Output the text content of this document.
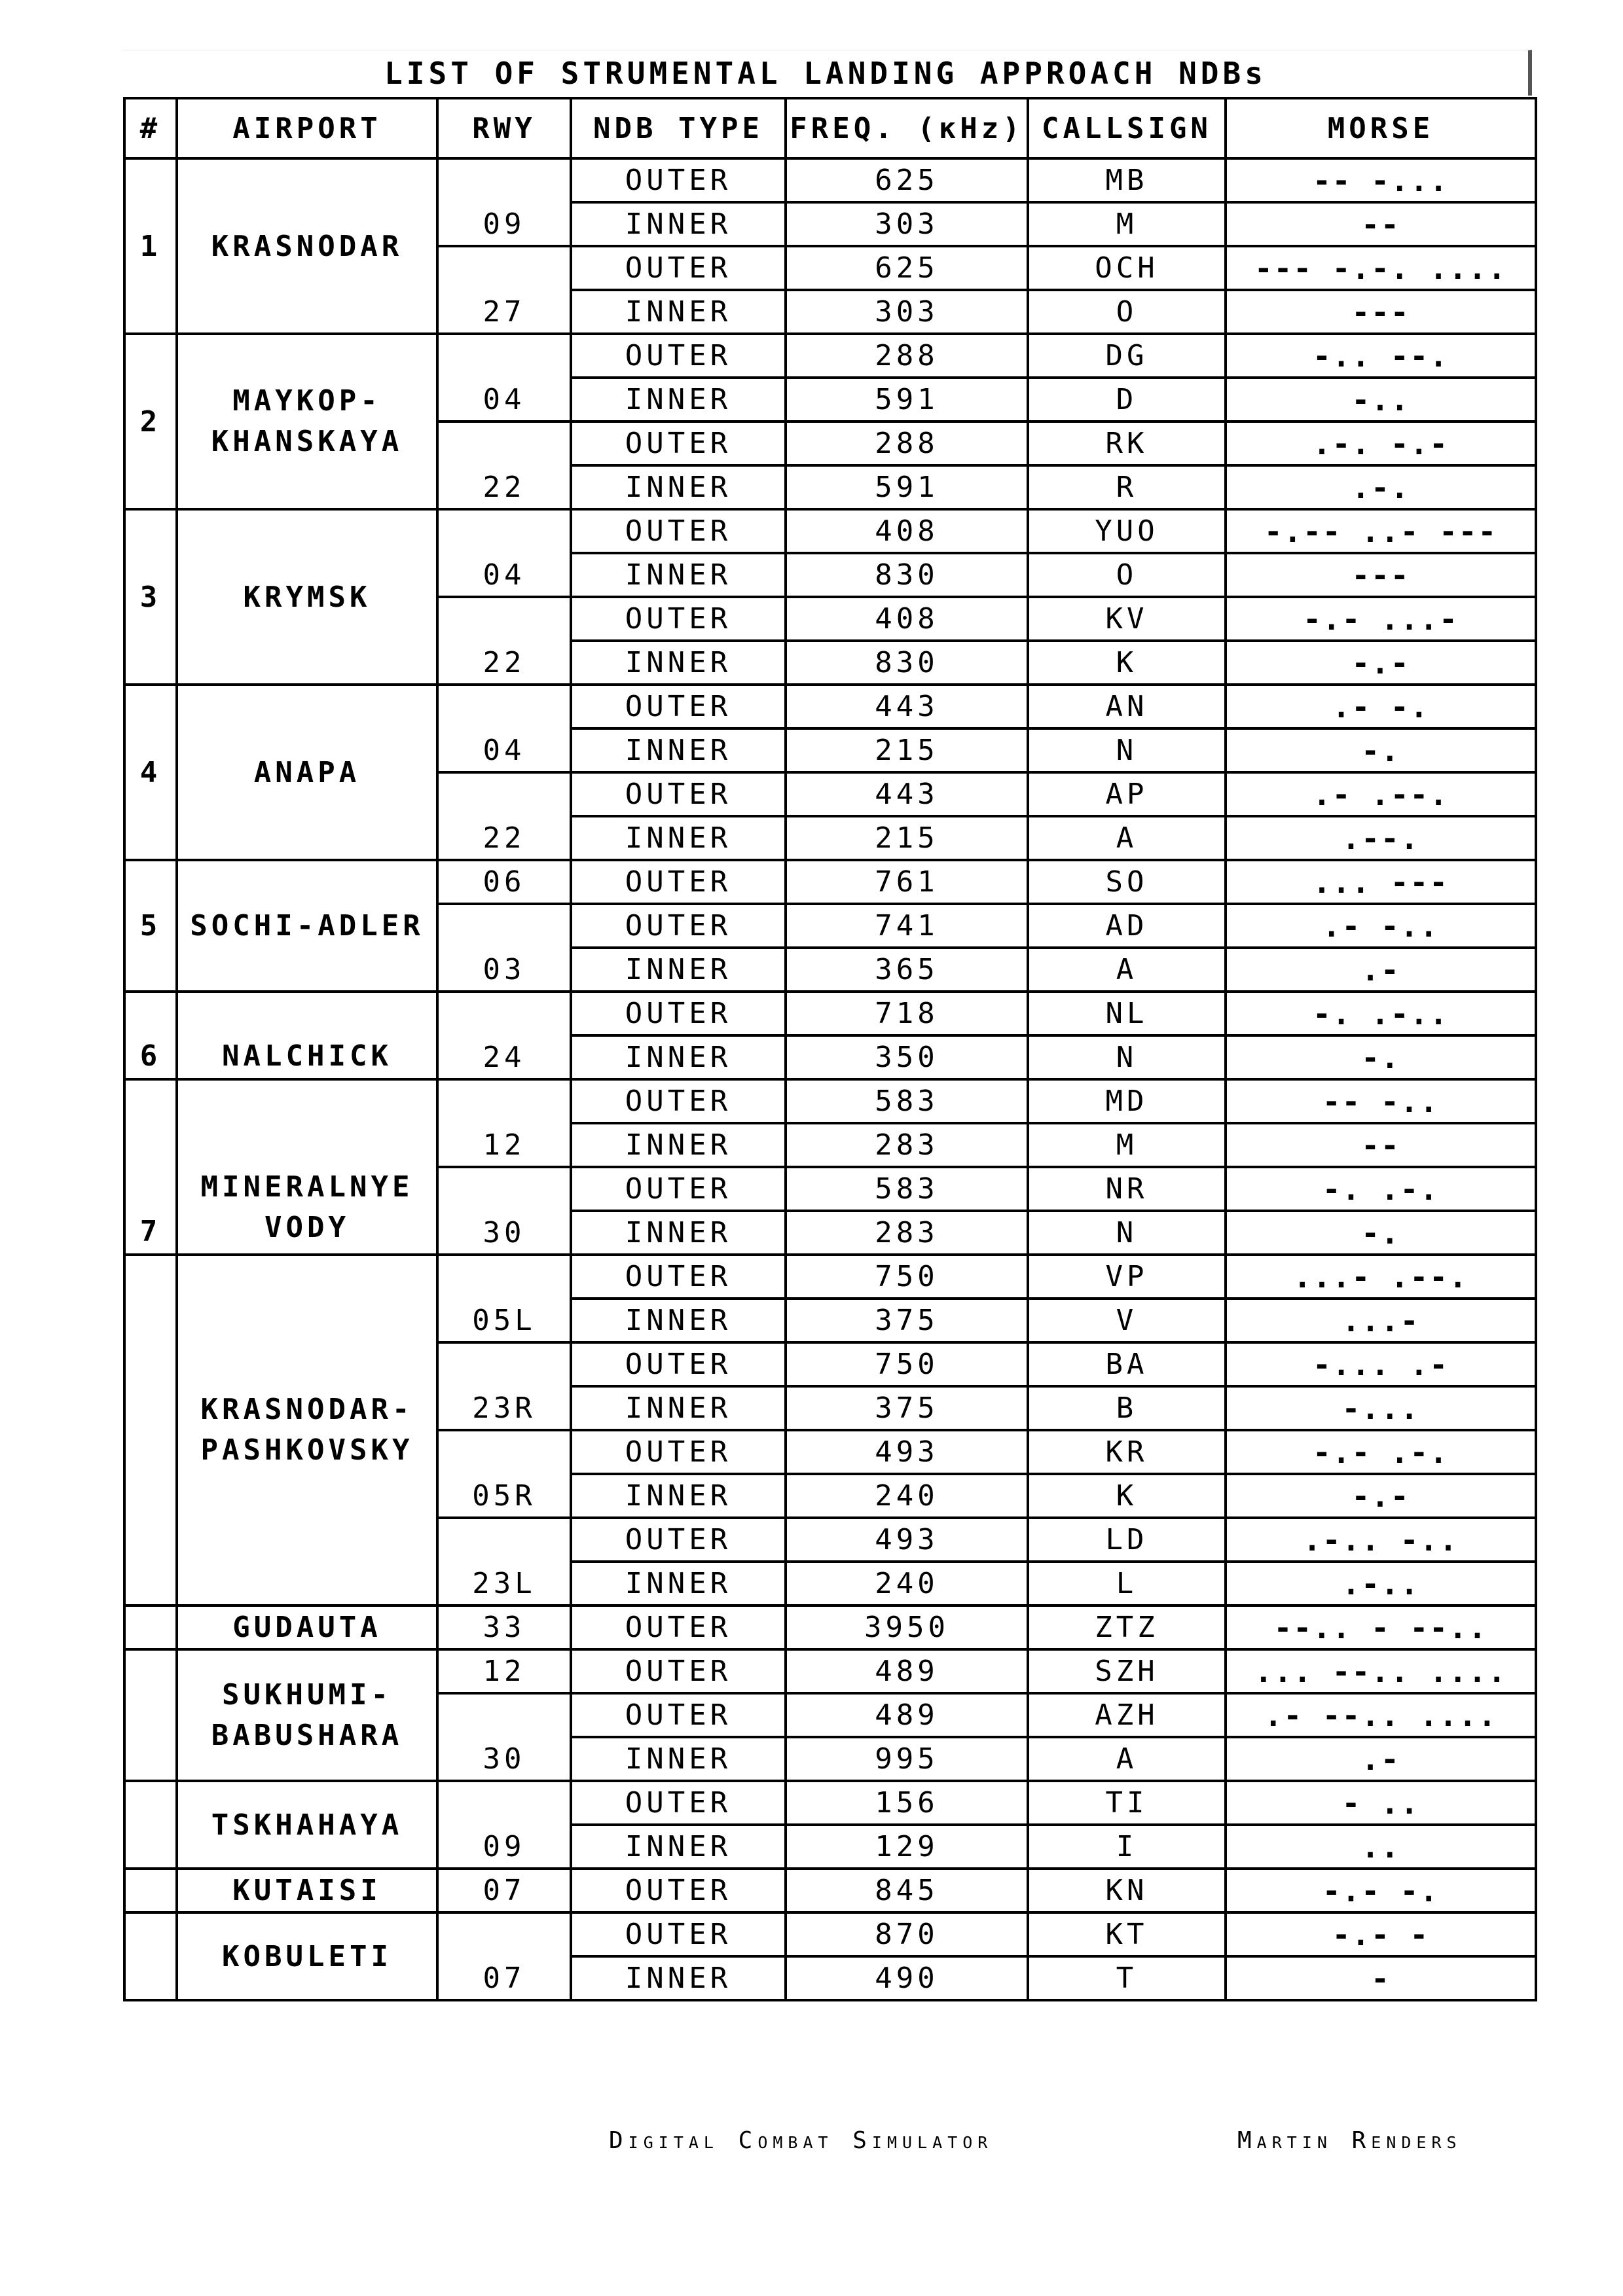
LIST OF STRUMENTAL LANDING APPROACH NDBs
#	AIRPORT	RWY	NDB TYPE	FREQ. (κHz)	CALLSIGN	MORSE
1	KRASNODAR	09	OUTER	625	MB	-- -...
			INNER	303	M	--
		27	OUTER	625	OCH	--- -.-. ....
			INNER	303	O	---
2	MAYKOP-KHANSKAYA	04	OUTER	288	DG	-.. --.
			INNER	591	D	-..
		22	OUTER	288	RK	.-. -.-
			INNER	591	R	.-.
3	KRYMSK	04	OUTER	408	YUO	-.-- ..- ---
			INNER	830	O	---
		22	OUTER	408	KV	-.- ...-
			INNER	830	K	-.-
4	ANAPA	04	OUTER	443	AN	.- -.
			INNER	215	N	-.
		22	OUTER	443	AP	.- .--.
			INNER	215	A	.--.
5	SOCHI-ADLER	06	OUTER	761	SO	... ---
		03	OUTER	741	AD	.- -..
			INNER	365	A	.-
6	NALCHICK	24	OUTER	718	NL	-. .-..
			INNER	350	N	-.
7	MINERALNYE VODY	12	OUTER	583	MD	-- -..
			INNER	283	M	--
		30	OUTER	583	NR	-. .-.
			INNER	283	N	-.
	KRASNODAR-PASHKOVSKY	05L	OUTER	750	VP	...- .--.
			INNER	375	V	...-
		23R	OUTER	750	BA	-... .-
			INNER	375	B	-...
		05R	OUTER	493	KR	-.- .-.
			INNER	240	K	-.-
		23L	OUTER	493	LD	.-.. -..
			INNER	240	L	.-..
	GUDAUTA	33	OUTER	3950	ZTZ	--.. - --..
	SUKHUMI-BABUSHARA	12	OUTER	489	SZH	... --.. ....
		30	OUTER	489	AZH	.- --.. ....
			INNER	995	A	.-
	TSKHAHAYA	09	OUTER	156	TI	- ..
			INNER	129	I	..
	KUTAISI	07	OUTER	845	KN	-.- -.
	KOBULETI	07	OUTER	870	KT	-.- -
			INNER	490	T	-
Digital Combat Simulator	Martin Renders
